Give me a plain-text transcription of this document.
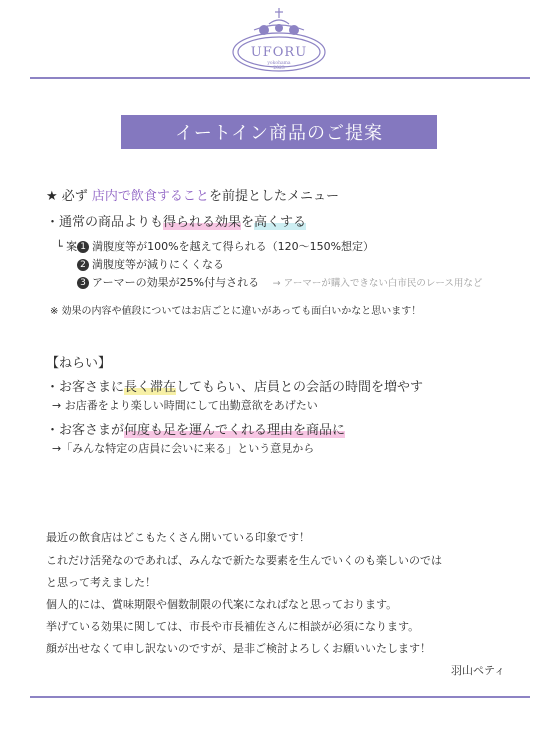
UFORU
yokohama
2023
イートイン商品のご提案
★ 必ず 店内で飲食することを前提としたメニュー
・通常の商品よりも得られる効果を高くする
└ 案 1 満腹度等が100%を越えて得られる（120〜150%想定）
2 満腹度等が減りにくくなる
3 アーマーの効果が25%付与される → アーマーが購入できない白市民のレース用など
※ 効果の内容や値段についてはお店ごとに違いがあっても面白いかなと思います！
【ねらい】
・お客さまに長く滞在してもらい、店員との会話の時間を増やす
→ お店番をより楽しい時間にして出勤意欲をあげたい
・お客さまが何度も足を運んでくれる理由を商品に
→「みんな特定の店員に会いに来る」という意見から
最近の飲食店はどこもたくさん開いている印象です！
これだけ活発なのであれば、みんなで新たな要素を生んでいくのも楽しいのでは
と思って考えました！
個人的には、賞味期限や個数制限の代案になればなと思っております。
挙げている効果に関しては、市長や市長補佐さんに相談が必須になります。
顔が出せなくて申し訳ないのですが、是非ご検討よろしくお願いいたします！
羽山ペティ
